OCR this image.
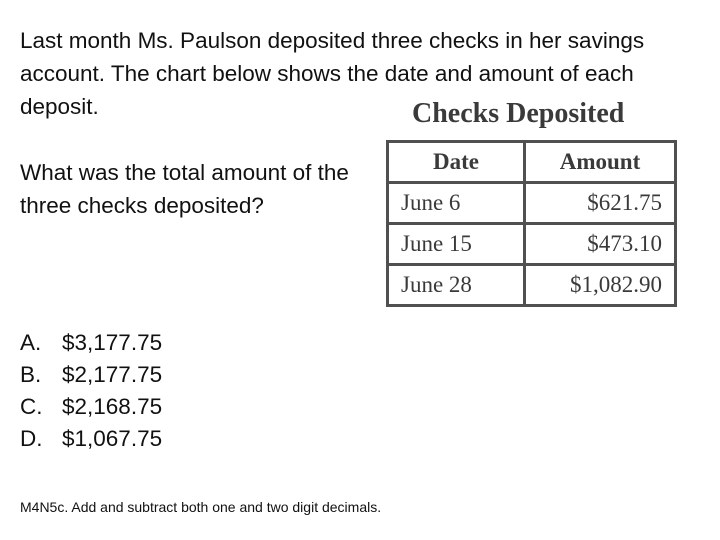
Last month Ms. Paulson deposited three checks in her savings account. The chart below shows the date and amount of each deposit.

What was the total amount of the three checks deposited?

Checks Deposited
Date	Amount
June 6	$621.75
June 15	$473.10
June 28	$1,082.90
A. $3,177.75
B. $2,177.75
C. $2,168.75
D. $1,067.75

M4N5c. Add and subtract both one and two digit decimals.
